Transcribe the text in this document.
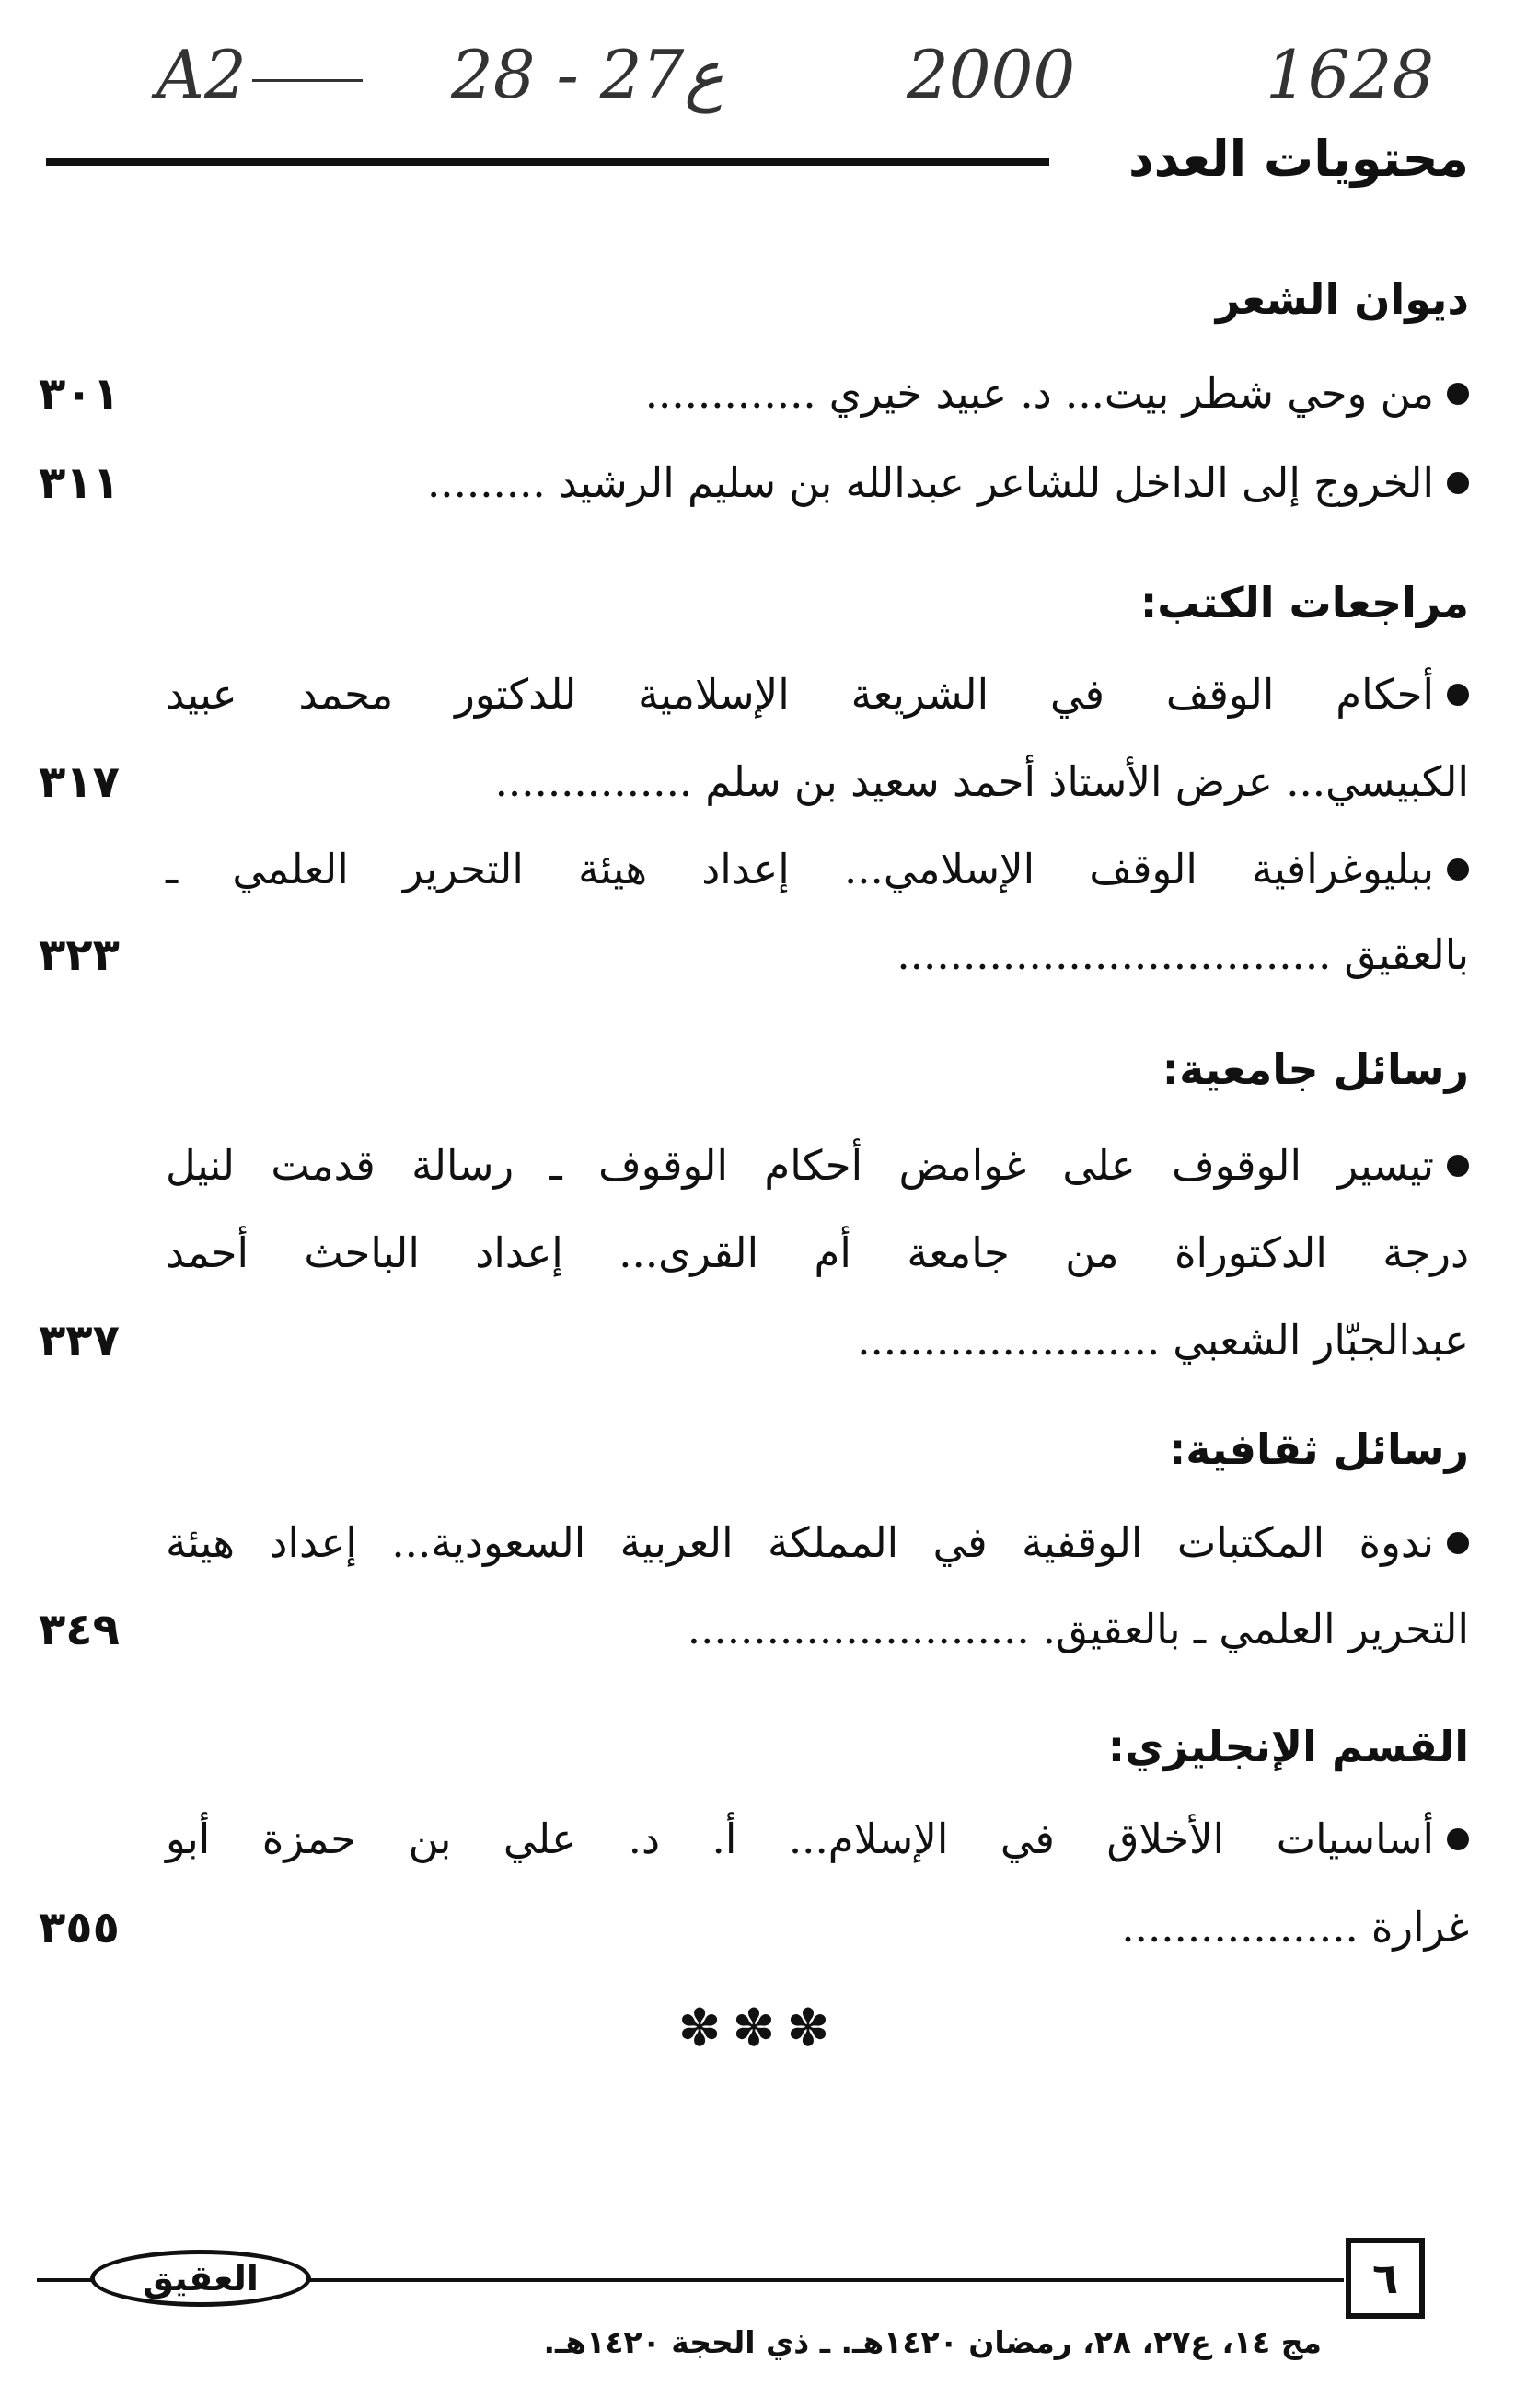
A2	28 - 27ع	2000	1628
محتويات العدد
ديوان الشعر
من وحي شطر بيت... د. عبيد خيري.............
٣٠١
الخروج إلى الداخل للشاعر عبدالله بن سليم الرشيد.........
٣١١
مراجعات الكتب:
أحكام الوقف في الشريعة الإسلامية للدكتور محمد عبيد
الكبيسي... عرض الأستاذ أحمد سعيد بن سلم...............
٣١٧
ببليوغرافية الوقف الإسلامي... إعداد هيئة التحرير العلمي ـ
بالعقيق.................................
٣٢٣
رسائل جامعية:
تيسير الوقوف على غوامض أحكام الوقوف ـ رسالة قدمت لنيل
درجة الدكتوراة من جامعة أم القرى... إعداد الباحث أحمد
عبدالجبّار الشعبي.......................
٣٣٧
رسائل ثقافية:
ندوة المكتبات الوقفية في المملكة العربية السعودية... إعداد هيئة
التحرير العلمي ـ بالعقيق...........................
٣٤٩
القسم الإنجليزي:
أساسيات الأخلاق في الإسلام... أ. د. علي بن حمزة أبو
غرارة..................
٣٥٥
✽✽✽
العقيق	٦
مج ١٤، ع٢٧، ٢٨، رمضان ١٤٢٠هـ. ـ ذي الحجة ١٤٢٠هـ.
